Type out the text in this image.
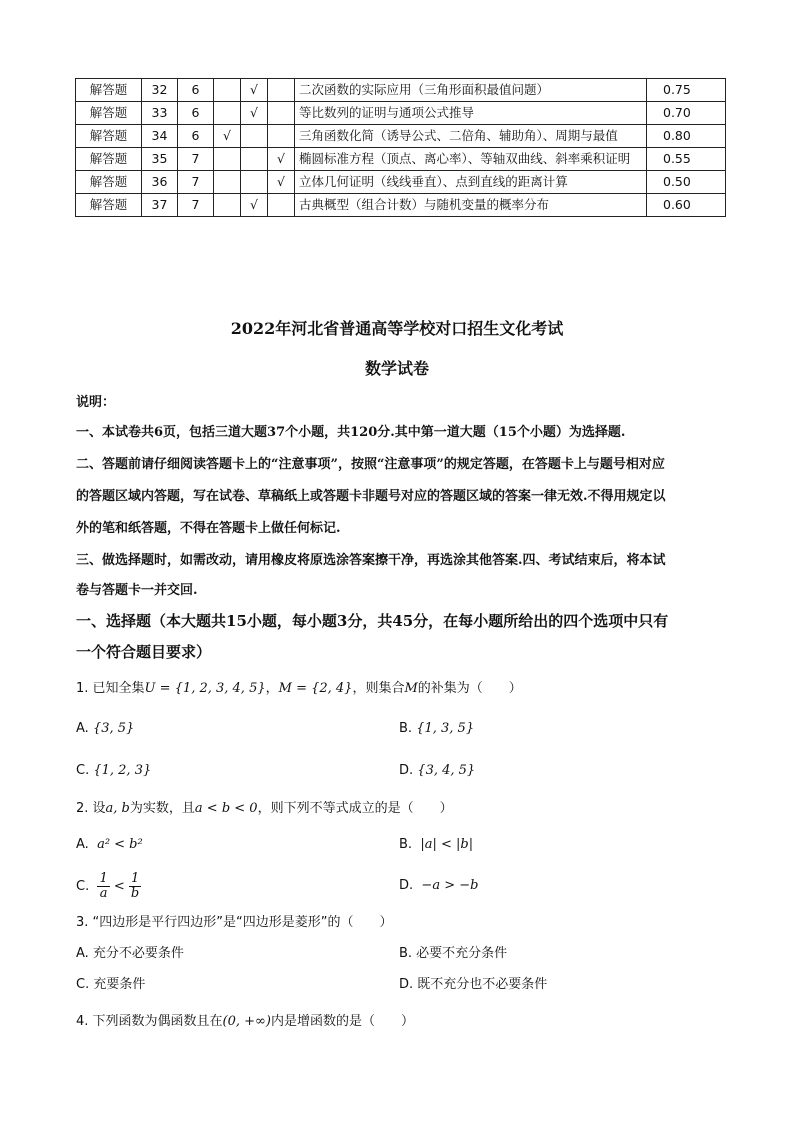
解答题	32	6		√		二次函数的实际应用（三角形面积最值问题）	0.75
解答题	33	6		√		等比数列的证明与通项公式推导	0.70
解答题	34	6	√			三角函数化简（诱导公式、二倍角、辅助角）、周期与最值	0.80
解答题	35	7			√	椭圆标准方程（顶点、离心率）、等轴双曲线、斜率乘积证明	0.55
解答题	36	7			√	立体几何证明（线线垂直）、点到直线的距离计算	0.50
解答题	37	7		√		古典概型（组合计数）与随机变量的概率分布	0.60
2022年河北省普通高等学校对口招生文化考试
数学试卷
说明：
一、本试卷共6页，包括三道大题37个小题，共120分.其中第一道大题（15个小题）为选择题.
二、答题前请仔细阅读答题卡上的“注意事项”，按照“注意事项”的规定答题，在答题卡上与题号相对应
的答题区域内答题，写在试卷、草稿纸上或答题卡非题号对应的答题区域的答案一律无效.不得用规定以
外的笔和纸答题，不得在答题卡上做任何标记.
三、做选择题时，如需改动，请用橡皮将原选涂答案擦干净，再选涂其他答案.四、考试结束后，将本试
卷与答题卡一并交回.
一、选择题（本大题共15小题，每小题3分，共45分，在每小题所给出的四个选项中只有
一个符合题目要求）
1. 已知全集U = {1, 2, 3, 4, 5}，M = {2, 4}，则集合M的补集为（　　）
A. {3, 5}	B. {1, 3, 5}
C. {1, 2, 3}	D. {3, 4, 5}
2. 设a, b为实数，且a < b < 0，则下列不等式成立的是（　　）
A. a² < b²	B. |a| < |b|
C. $\frac{1}{a} < \frac{1}{b}$	D. −a > −b
3. “四边形是平行四边形”是“四边形是菱形”的（　　）
A. 充分不必要条件	B. 必要不充分条件
C. 充要条件	D. 既不充分也不必要条件
4. 下列函数为偶函数且在(0, +∞)内是增函数的是（　　）
